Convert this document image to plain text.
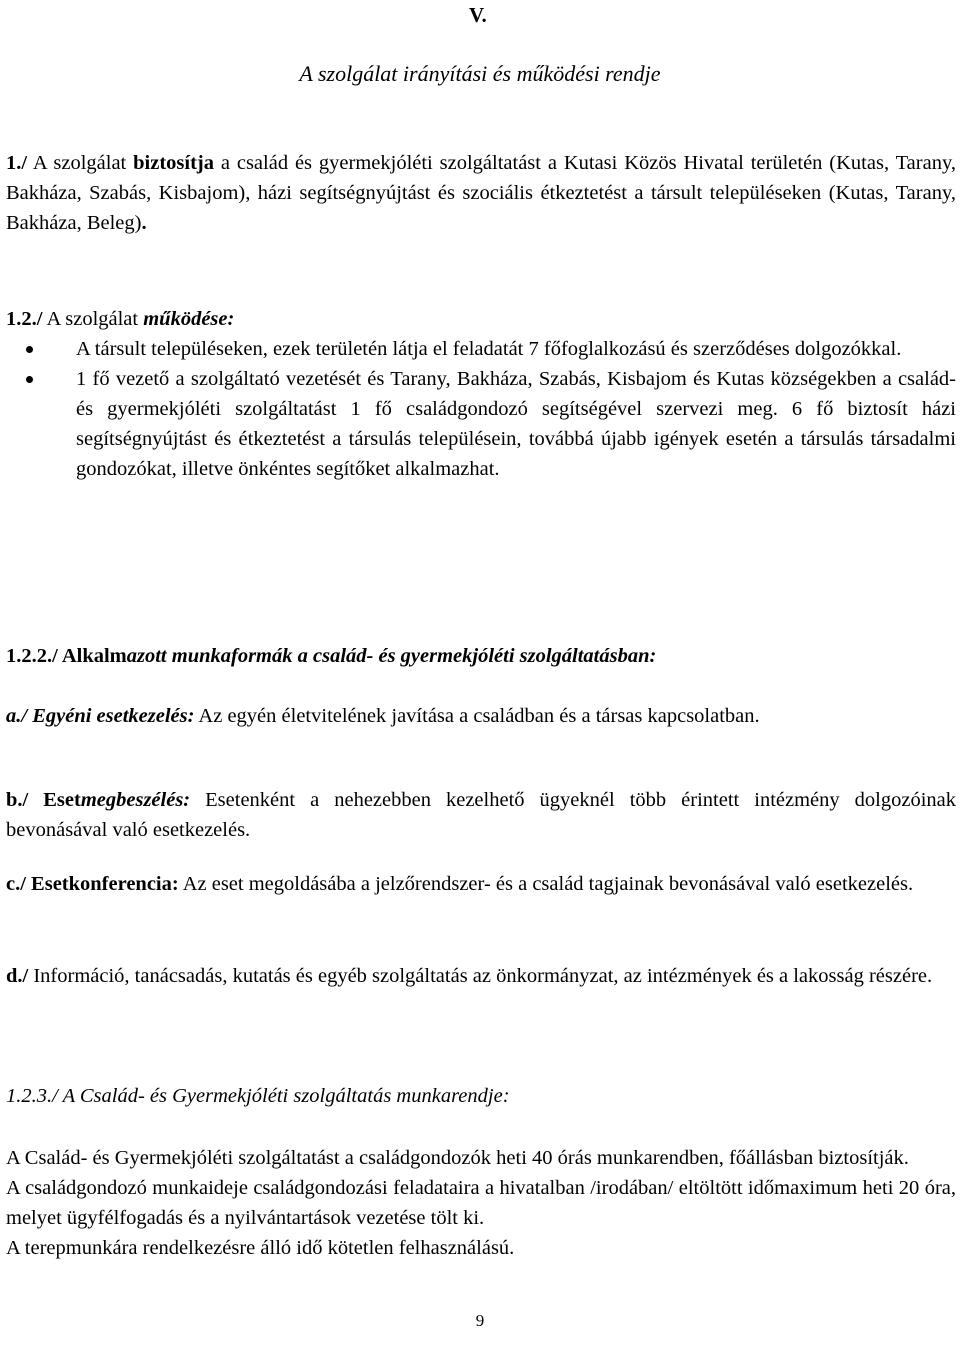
V.
A szolgálat irányítási és működési rendje

1./ A szolgálat biztosítja a család és gyermekjóléti szolgáltatást a Kutasi Közös Hivatal területén (Kutas, Tarany, Bakháza, Szabás, Kisbajom), házi segítségnyújtást és szociális étkeztetést a társult településeken (Kutas, Tarany, Bakháza, Beleg).

1.2./ A szolgálat működése:

A társult településeken, ezek területén látja el feladatát 7 főfoglalkozású és szerződéses dolgozókkal.
1 fő vezető a szolgáltató vezetését és Tarany, Bakháza, Szabás, Kisbajom és Kutas községekben a család- és gyermekjóléti szolgáltatást 1 fő családgondozó segítségével szervezi meg. 6 fő biztosít házi segítségnyújtást és étkeztetést a társulás településein, továbbá újabb igények esetén a társulás társadalmi gondozókat, illetve önkéntes segítőket alkalmazhat.

1.2.2./ Alkalmazott munkaformák a család- és gyermekjóléti szolgáltatásban:

a./ Egyéni esetkezelés: Az egyén életvitelének javítása a családban és a társas kapcsolatban.

b./ Esetmegbeszélés: Esetenként a nehezebben kezelhető ügyeknél több érintett intézmény dolgozóinak bevonásával való esetkezelés.

c./ Esetkonferencia: Az eset megoldásába a jelzőrendszer- és a család tagjainak bevonásával való esetkezelés.

d./ Információ, tanácsadás, kutatás és egyéb szolgáltatás az önkormányzat, az intézmények és a lakosság részére.

1.2.3./ A Család- és Gyermekjóléti szolgáltatás munkarendje:

A Család- és Gyermekjóléti szolgáltatást a családgondozók heti 40 órás munkarendben, főállásban biztosítják.

A családgondozó munkaideje családgondozási feladataira a hivatalban /irodában/ eltöltött időmaximum heti 20 óra, melyet ügyfélfogadás és a nyilvántartások vezetése tölt ki.

A terepmunkára rendelkezésre álló idő kötetlen felhasználású.

9
